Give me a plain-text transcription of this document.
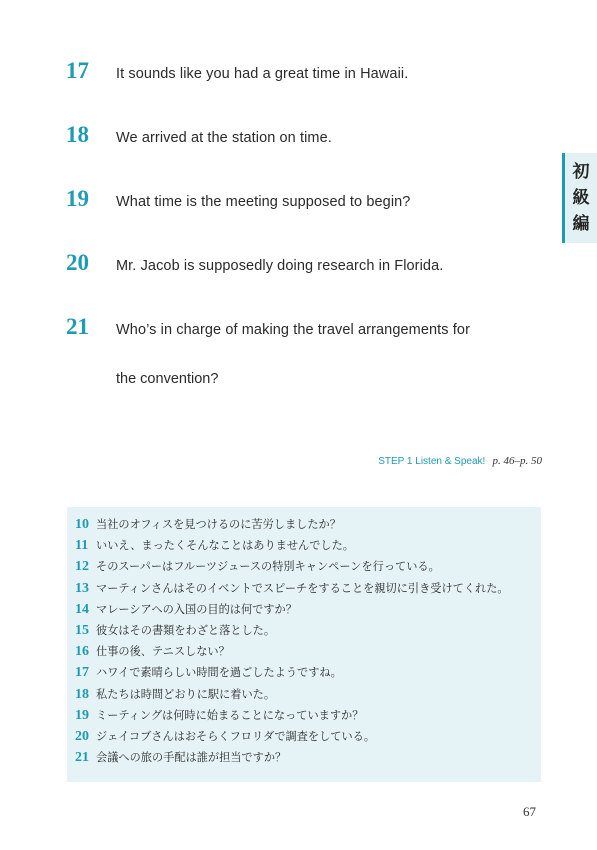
17	It sounds like you had a great time in Hawaii.
18	We arrived at the station on time.
19	What time is the meeting supposed to begin?
20	Mr. Jacob is supposedly doing research in Florida.
21	Who’s in charge of making the travel arrangements for
the convention?
初
級
編
STEP 1 Listen & Speak! p. 46–p. 50
10 当社のオフィスを見つけるのに苦労しましたか？
11 いいえ、まったくそんなことはありませんでした。
12 そのスーパーはフルーツジュースの特別キャンペーンを行っている。
13 マーティンさんはそのイベントでスピーチをすることを親切に引き受けてくれた。
14 マレーシアへの入国の目的は何ですか？
15 彼女はその書類をわざと落とした。
16 仕事の後、テニスしない？
17 ハワイで素晴らしい時間を過ごしたようですね。
18 私たちは時間どおりに駅に着いた。
19 ミーティングは何時に始まることになっていますか？
20 ジェイコブさんはおそらくフロリダで調査をしている。
21 会議への旅の手配は誰が担当ですか？
67
